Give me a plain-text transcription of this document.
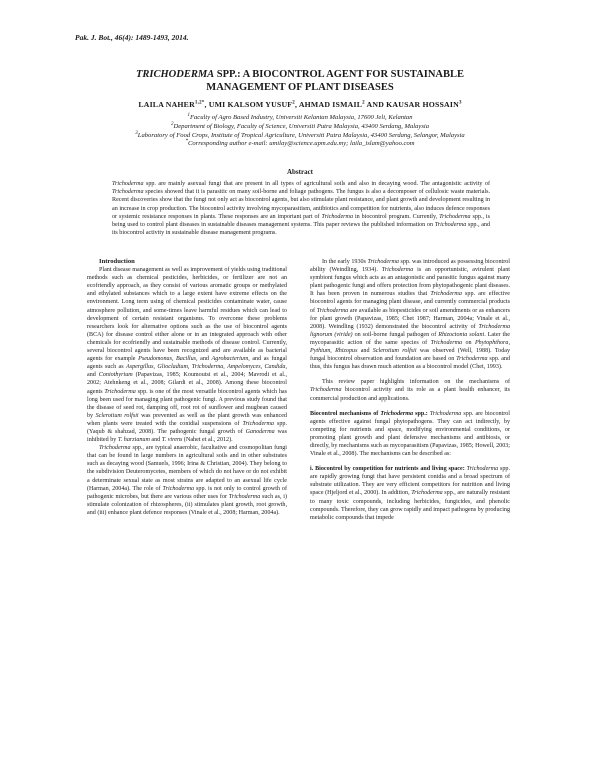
Pak. J. Bot., 46(4): 1489-1493, 2014.
TRICHODERMA SPP.: A BIOCONTROL AGENT FOR SUSTAINABLE
MANAGEMENT OF PLANT DISEASES
LAILA $NAHER^{1,2*}$, UMI KALSOM YUSUF$^2$, AHMAD ISMAIL$^2$ AND KAUSAR HOSSAIN$^3$
$^1$Faculty of Agro Based Industry, Universiti Kelantan Malaysia, 17600 Jeli, Kelantan
$^2$Department of Biology, Faculty of Science, Universiti Putra Malaysia, 43400 Serdang, Malaysia
$^3$Laboratory of Food Crops, Institute of Tropical Agriculture, Universiti Putra Malaysia, 43400 Serdang, Selangor, Malaysia
*Corresponding author e-mail: umilay@science.upm.edu.my; laila_islam@yahoo.com
Abstract
Trichoderma spp. are mainly asexual fungi that are present in all types of agricultural soils and also in decaying wood. The antagonistic activity of Trichoderma species showed that it is parasitic on many soil-borne and foliage pathogens. The fungus is also a decomposer of cellulosic waste materials. Recent discoveries show that the fungi not only act as biocontrol agents, but also stimulate plant resistance, and plant growth and development resulting in an increase in crop production. The biocontrol activity involving mycoparasitism, antibiotics and competition for nutrients, also induces defence responses or systemic resistance responses in plants. These responses are an important part of Trichoderma in biocontrol program. Currently, Trichoderma spp., is being used to control plant diseases in sustainable diseases management systems. This paper reviews the published information on Trichoderma spp., and its biocontrol activity in sustainable disease management programs.

Introduction

Plant disease management as well as improvement of yields using traditional methods such as chemical pesticides, herbicides, or fertilizer are not an ecofriendly approach, as they consist of various aromatic groups or methylated and ethylated substances which to a large extent have extreme effects on the environment. Long term using of chemical pesticides contaminate water, cause atmosphere pollution, and some-times leave harmful residues which can lead to development of certain resistant organisms. To overcome these problems researchers look for alternative options such as the use of biocontrol agents (BCA) for disease control either alone or in an integrated approach with other chemicals for ecofriendly and sustainable methods of disease control. Currently, several biocontrol agents have been recognized and are available as bacterial agents for example Pseudomonas, Bacillus, and Agrobacterium, and as fungal agents such as Aspergillus, Gliocladium, Trichoderma, Ampelomyces, Candida, and Coniothyrium (Papavizas, 1985; Koumoutsi et al., 2004; Mavrodi et al., 2002; Atehnkeng et al., 2008; Gilardi et al., 2008). Among these biocontrol agents Trichoderma spp. is one of the most versatile biocontrol agents which has long been used for managing plant pathogenic fungi. A previous study found that the disease of seed rot, damping off, root rot of sunflower and mugbean caused by Sclerotium rolfsii was prevented as well as the plant growth was enhanced when plants were treated with the conidial suspensions of Trichoderma spp. (Yaqub & shahzad, 2008). The pathogenic fungal growth of Ganoderma was inhibited by T. harzianum and T. virens (Nahet et al., 2012).

Trichoderma spp., are typical anaerobic, facultative and cosmopolitan fungi that can be found in large numbers in agricultural soils and in other substrates such as decaying wood (Samuels, 1996; Irina & Christian, 2004). They belong to the subdivision Deuteromycetes, members of which do not have or do not exhibit a determinate sexual state as most strains are adapted to an asexual life cycle (Harman, 2004a). The role of Trichoderma spp. is not only to control growth of pathogenic microbes, but there are various other uses for Trichoderma such as, i) stimulate colonization of rhizospheres, (ii) stimulates plant growth, root growth, and (iii) enhance plant defence responses (Vinale et al., 2008; Harman, 2004a).

In the early 1930s Trichoderma spp. was introduced as possessing biocontrol ability (Weindling, 1934). Trichoderma is an opportunistic, avirulent plant symbiont fungus which acts as an antagonistic and parasitic fungus against many plant pathogenic fungi and offers protection from phytopathogenic plant diseases. It has been proven in numerous studies that Trichoderma spp. are effective biocontrol agents for managing plant disease, and currently commercial products of Trichoderma are available as biopesticides or soil amendments or as enhancers for plant growth (Papavizas, 1985; Chet 1987; Harman, 2004a; Vinale et al., 2008). Weindling (1932) demonstrated the biocontrol activity of Trichoderma lignorum (viride) on soil-borne fungal pathogen of Rhizoctonia solani. Later the mycoparasitic action of the same species of Trichoderma on Phytophthora, Pythium, Rhizopus and Sclerotium rolfsii was observed (Well, 1988). Today fungal biocontrol observation and foundation are based on Trichoderma spp. and thus, this fungus has drawn much attention as a biocontrol model (Chet, 1993).

This review paper highlights information on the mechanisms of Trichoderma biocontrol activity and its role as a plant health enhancer, its commercial production and applications.

Biocontrol mechanisms of Trichoderma spp.: Trichoderma spp. are biocontrol agents effective against fungal phytopathogens. They can act indirectly, by competing for nutrients and space, modifying environmental conditions, or promoting plant growth and plant defensive mechanisms and antibiosis, or directly, by mechanisms such as mycoparasitism (Papavizas, 1985; Howell, 2003; Vinale et al., 2008). The mechanisms can be described as:

i. Biocontrol by competition for nutrients and living space: Trichoderma spp. are rapidly growing fungi that have persistent conidia and a broad spectrum of substrate utilization. They are very efficient competitors for nutrition and living space (Hjeljord et al., 2000). In addition, Trichoderma spp., are naturally resistant to many toxic compounds, including herbicides, fungicides, and phenolic compounds. Therefore, they can grow rapidly and impact pathogens by producing metabolic compounds that impede
